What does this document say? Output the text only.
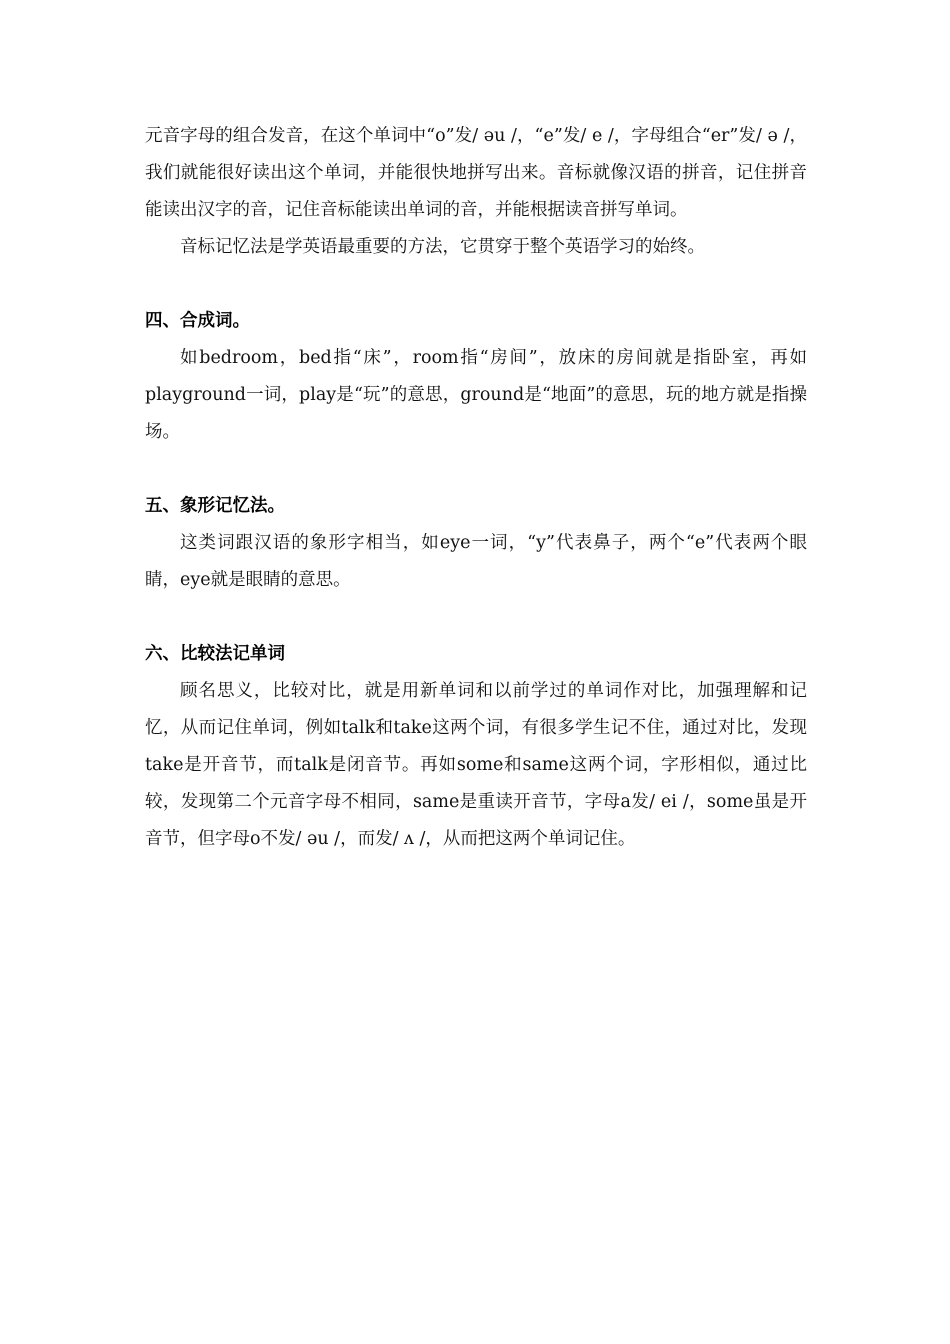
元音字母的组合发音，在这个单词中“o”发/ əu /，“e”发/ e /，字母组合“er”发/ ə /，我们就能很好读出这个单词，并能很快地拼写出来。音标就像汉语的拼音，记住拼音能读出汉字的音，记住音标能读出单词的音，并能根据读音拼写单词。

音标记忆法是学英语最重要的方法，它贯穿于整个英语学习的始终。

四、合成词。

如bedroom，bed指“床”，room指“房间”，放床的房间就是指卧室，再如playground一词，play是“玩”的意思，ground是“地面”的意思，玩的地方就是指操场。

五、象形记忆法。

这类词跟汉语的象形字相当，如eye一词，“y”代表鼻子，两个“e”代表两个眼睛，eye就是眼睛的意思。

六、比较法记单词

顾名思义，比较对比，就是用新单词和以前学过的单词作对比，加强理解和记忆，从而记住单词，例如talk和take这两个词，有很多学生记不住，通过对比，发现take是开音节，而talk是闭音节。再如some和same这两个词，字形相似，通过比较，发现第二个元音字母不相同，same是重读开音节，字母a发/ ei /，some虽是开音节，但字母o不发/ əu /，而发/ ʌ /，从而把这两个单词记住。
